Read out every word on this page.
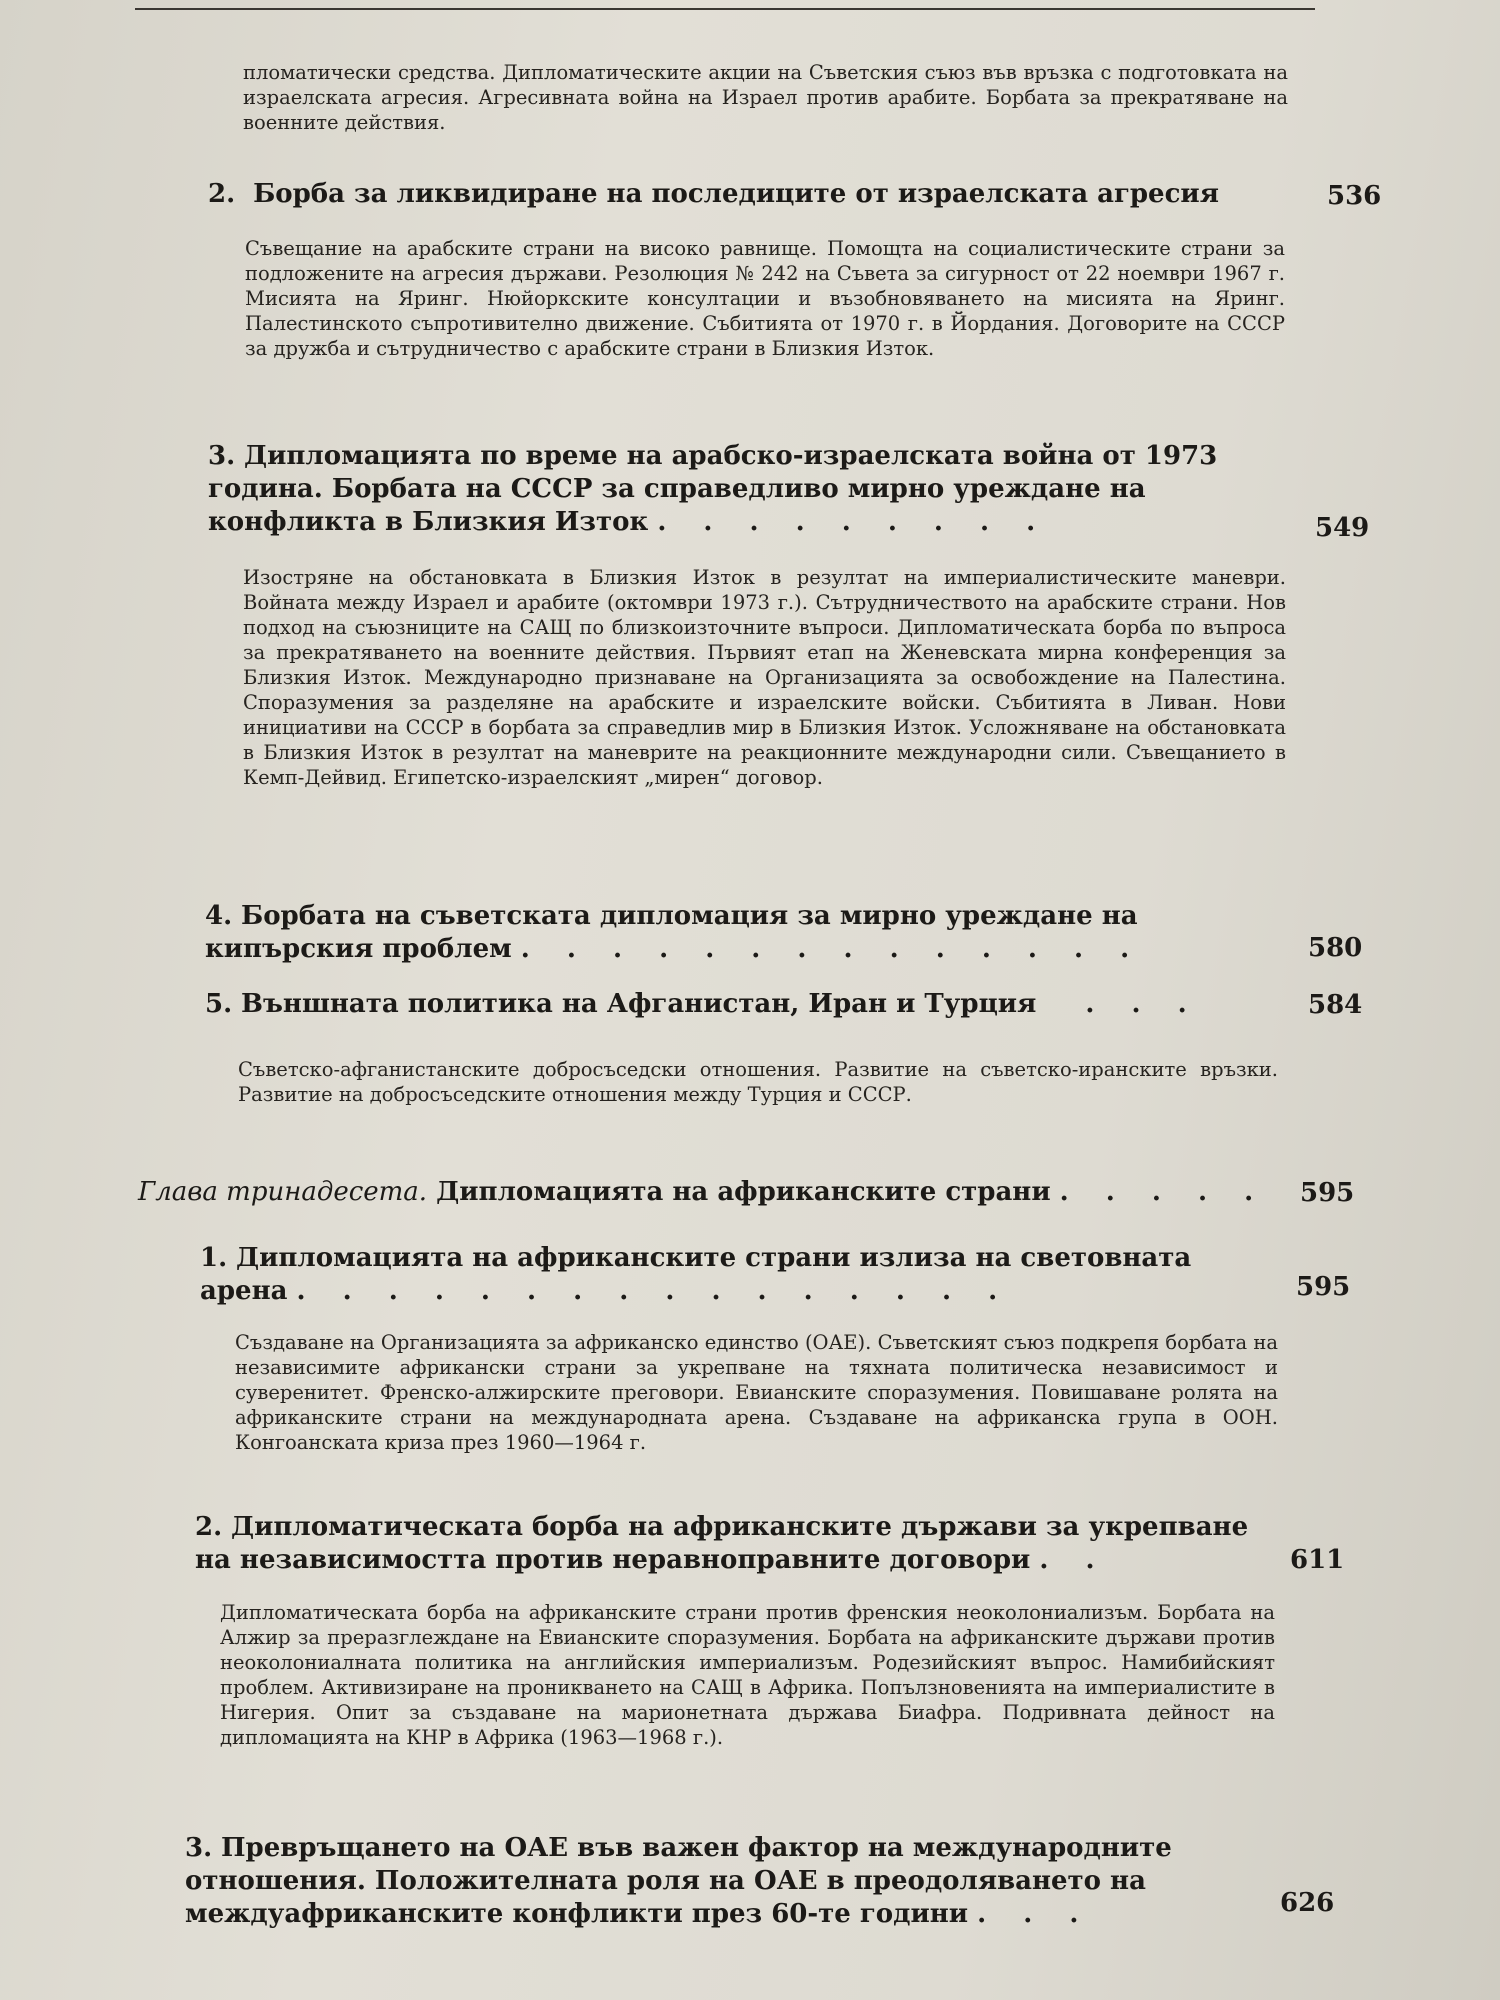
пломатически средства. Дипломатическите акции на Съветския съюз във връзка с подготовката на израелската агресия. Агресивната война на Израел против арабите. Борбата за прекратяване на военните действия.
2. Борба за ликвидиране на последиците от израелската агресия	536
Съвещание на арабските страни на високо равнище. Помощта на социалистическите страни за подложените на агресия държави. Резолюция № 242 на Съвета за сигурност от 22 ноември 1967 г. Мисията на Яринг. Нюйоркските консултации и възобновяването на мисията на Яринг. Палестинското съпротивително движение. Събитията от 1970 г. в Йордания. Договорите на СССР за дружба и сътрудничество с арабските страни в Близкия Изток.
3. Дипломацията по време на арабско-израелската война от 1973 година. Борбата на СССР за справедливо мирно уреждане на конфликта в Близкия Изток . . . . . . . . .	549
Изостряне на обстановката в Близкия Изток в резултат на империалистическите маневри. Войната между Израел и арабите (октомври 1973 г.). Сътрудничеството на арабските страни. Нов подход на съюзниците на САЩ по близкоизточните въпроси. Дипломатическата борба по въпроса за прекратяването на военните действия. Първият етап на Женевската мирна конференция за Близкия Изток. Международно признаване на Организацията за освобождение на Палестина. Споразумения за разделяне на арабските и израелските войски. Събитията в Ливан. Нови инициативи на СССР в борбата за справедлив мир в Близкия Изток. Усложняване на обстановката в Близкия Изток в резултат на маневрите на реакционните международни сили. Съвещанието в Кемп-Дейвид. Египетско-израелският „мирен“ договор.
4. Борбата на съветската дипломация за мирно уреждане на кипърския проблем . . . . . . . . . . . . . .	580
5. Външната политика на Афганистан, Иран и Турция . . .	584
Съветско-афганистанските добросъседски отношения. Развитие на съветско-иранските връзки. Развитие на добросъседските отношения между Турция и СССР.
Глава тринадесета. Дипломацията на африканските страни . . . . .	595
1. Дипломацията на африканските страни излиза на световната арена . . . . . . . . . . . . . . . .	595
Създаване на Организацията за африканско единство (ОАЕ). Съветският съюз подкрепя борбата на независимите африкански страни за укрепване на тяхната политическа независимост и суверенитет. Френско-алжирските преговори. Евианските споразумения. Повишаване ролята на африканските страни на международната арена. Създаване на африканска група в ООН. Конгоанската криза през 1960—1964 г.
2. Дипломатическата борба на африканските държави за укрепване на независимостта против неравноправните договори . .	611
Дипломатическата борба на африканските страни против френския неоколониализъм. Борбата на Алжир за преразглеждане на Евианските споразумения. Борбата на африканските държави против неоколониалната политика на английския империализъм. Родезийският въпрос. Намибийският проблем. Активизиране на проникването на САЩ в Африка. Попълзновенията на империалистите в Нигерия. Опит за създаване на марионетната държава Биафра. Подривната дейност на дипломацията на КНР в Африка (1963—1968 г.).
3. Превръщането на ОАЕ във важен фактор на международните отношения. Положителната роля на ОАЕ в преодоляването на междуафриканските конфликти през 60-те години . . .	626
